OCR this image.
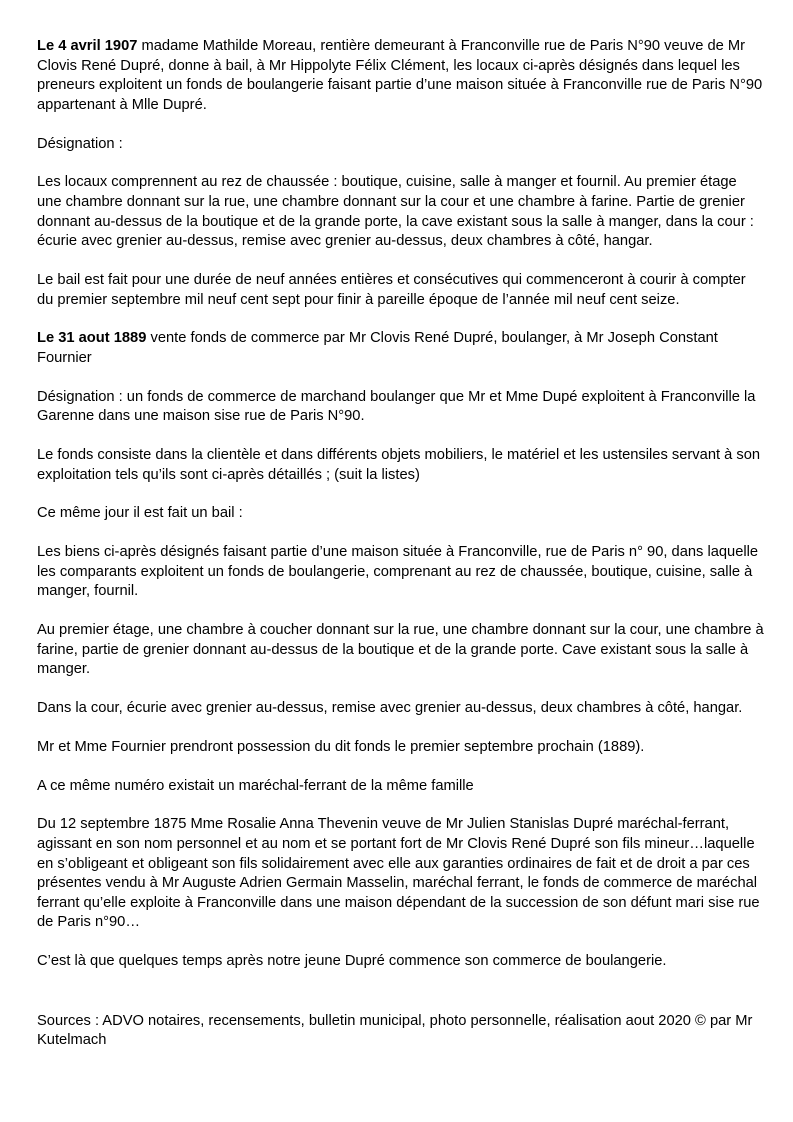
Le 4 avril 1907 madame Mathilde Moreau, rentière demeurant à Franconville rue de Paris N°90 veuve de Mr Clovis René Dupré, donne à bail, à Mr Hippolyte Félix Clément, les locaux ci-après désignés dans lequel les preneurs exploitent un fonds de boulangerie faisant partie d’une maison située à Franconville rue de Paris N°90 appartenant à Mlle Dupré.

Désignation :

Les locaux comprennent au rez de chaussée : boutique, cuisine, salle à manger et fournil. Au premier étage une chambre donnant sur la rue, une chambre donnant sur la cour et une chambre à farine. Partie de grenier donnant au-dessus de la boutique et de la grande porte, la cave existant sous la salle à manger, dans la cour : écurie avec grenier au-dessus, remise avec grenier au-dessus, deux chambres à côté, hangar.

Le bail est fait pour une durée de neuf années entières et consécutives qui commenceront à courir à compter du premier septembre mil neuf cent sept pour finir à pareille époque de l’année mil neuf cent seize.

Le 31 aout 1889 vente fonds de commerce par Mr Clovis René Dupré, boulanger, à Mr Joseph Constant Fournier

Désignation : un fonds de commerce de marchand boulanger que Mr et Mme Dupé exploitent à Franconville la Garenne dans une maison sise rue de Paris N°90.

Le fonds consiste dans la clientèle et dans différents objets mobiliers, le matériel et les ustensiles servant à son exploitation tels qu’ils sont ci-après détaillés ; (suit la listes)

Ce même jour il est fait un bail :

Les biens ci-après désignés faisant partie d’une maison située à Franconville, rue de Paris n° 90, dans laquelle les comparants exploitent un fonds de boulangerie, comprenant au rez de chaussée, boutique, cuisine, salle à manger, fournil.

Au premier étage, une chambre à coucher donnant sur la rue, une chambre donnant sur la cour, une chambre à farine, partie de grenier donnant au-dessus de la boutique et de la grande porte. Cave existant sous la salle à manger.

Dans la cour, écurie avec grenier au-dessus, remise avec grenier au-dessus, deux chambres à côté, hangar.

Mr et Mme Fournier prendront possession du dit fonds le premier septembre prochain (1889).

A ce même numéro existait un maréchal-ferrant de la même famille

Du 12 septembre 1875 Mme Rosalie Anna Thevenin veuve de Mr Julien Stanislas Dupré maréchal-ferrant, agissant en son nom personnel et au nom et se portant fort de Mr Clovis René Dupré son fils mineur…laquelle en s’obligeant et obligeant son fils solidairement avec elle aux garanties ordinaires de fait et de droit a par ces présentes vendu à Mr Auguste Adrien Germain Masselin, maréchal ferrant, le fonds de commerce de maréchal ferrant qu’elle exploite à Franconville dans une maison dépendant de la succession de son défunt mari sise rue de Paris n°90…

C’est là que quelques temps après notre jeune Dupré commence son commerce de boulangerie.

Sources : ADVO notaires, recensements, bulletin municipal, photo personnelle, réalisation aout 2020 © par Mr Kutelmach
